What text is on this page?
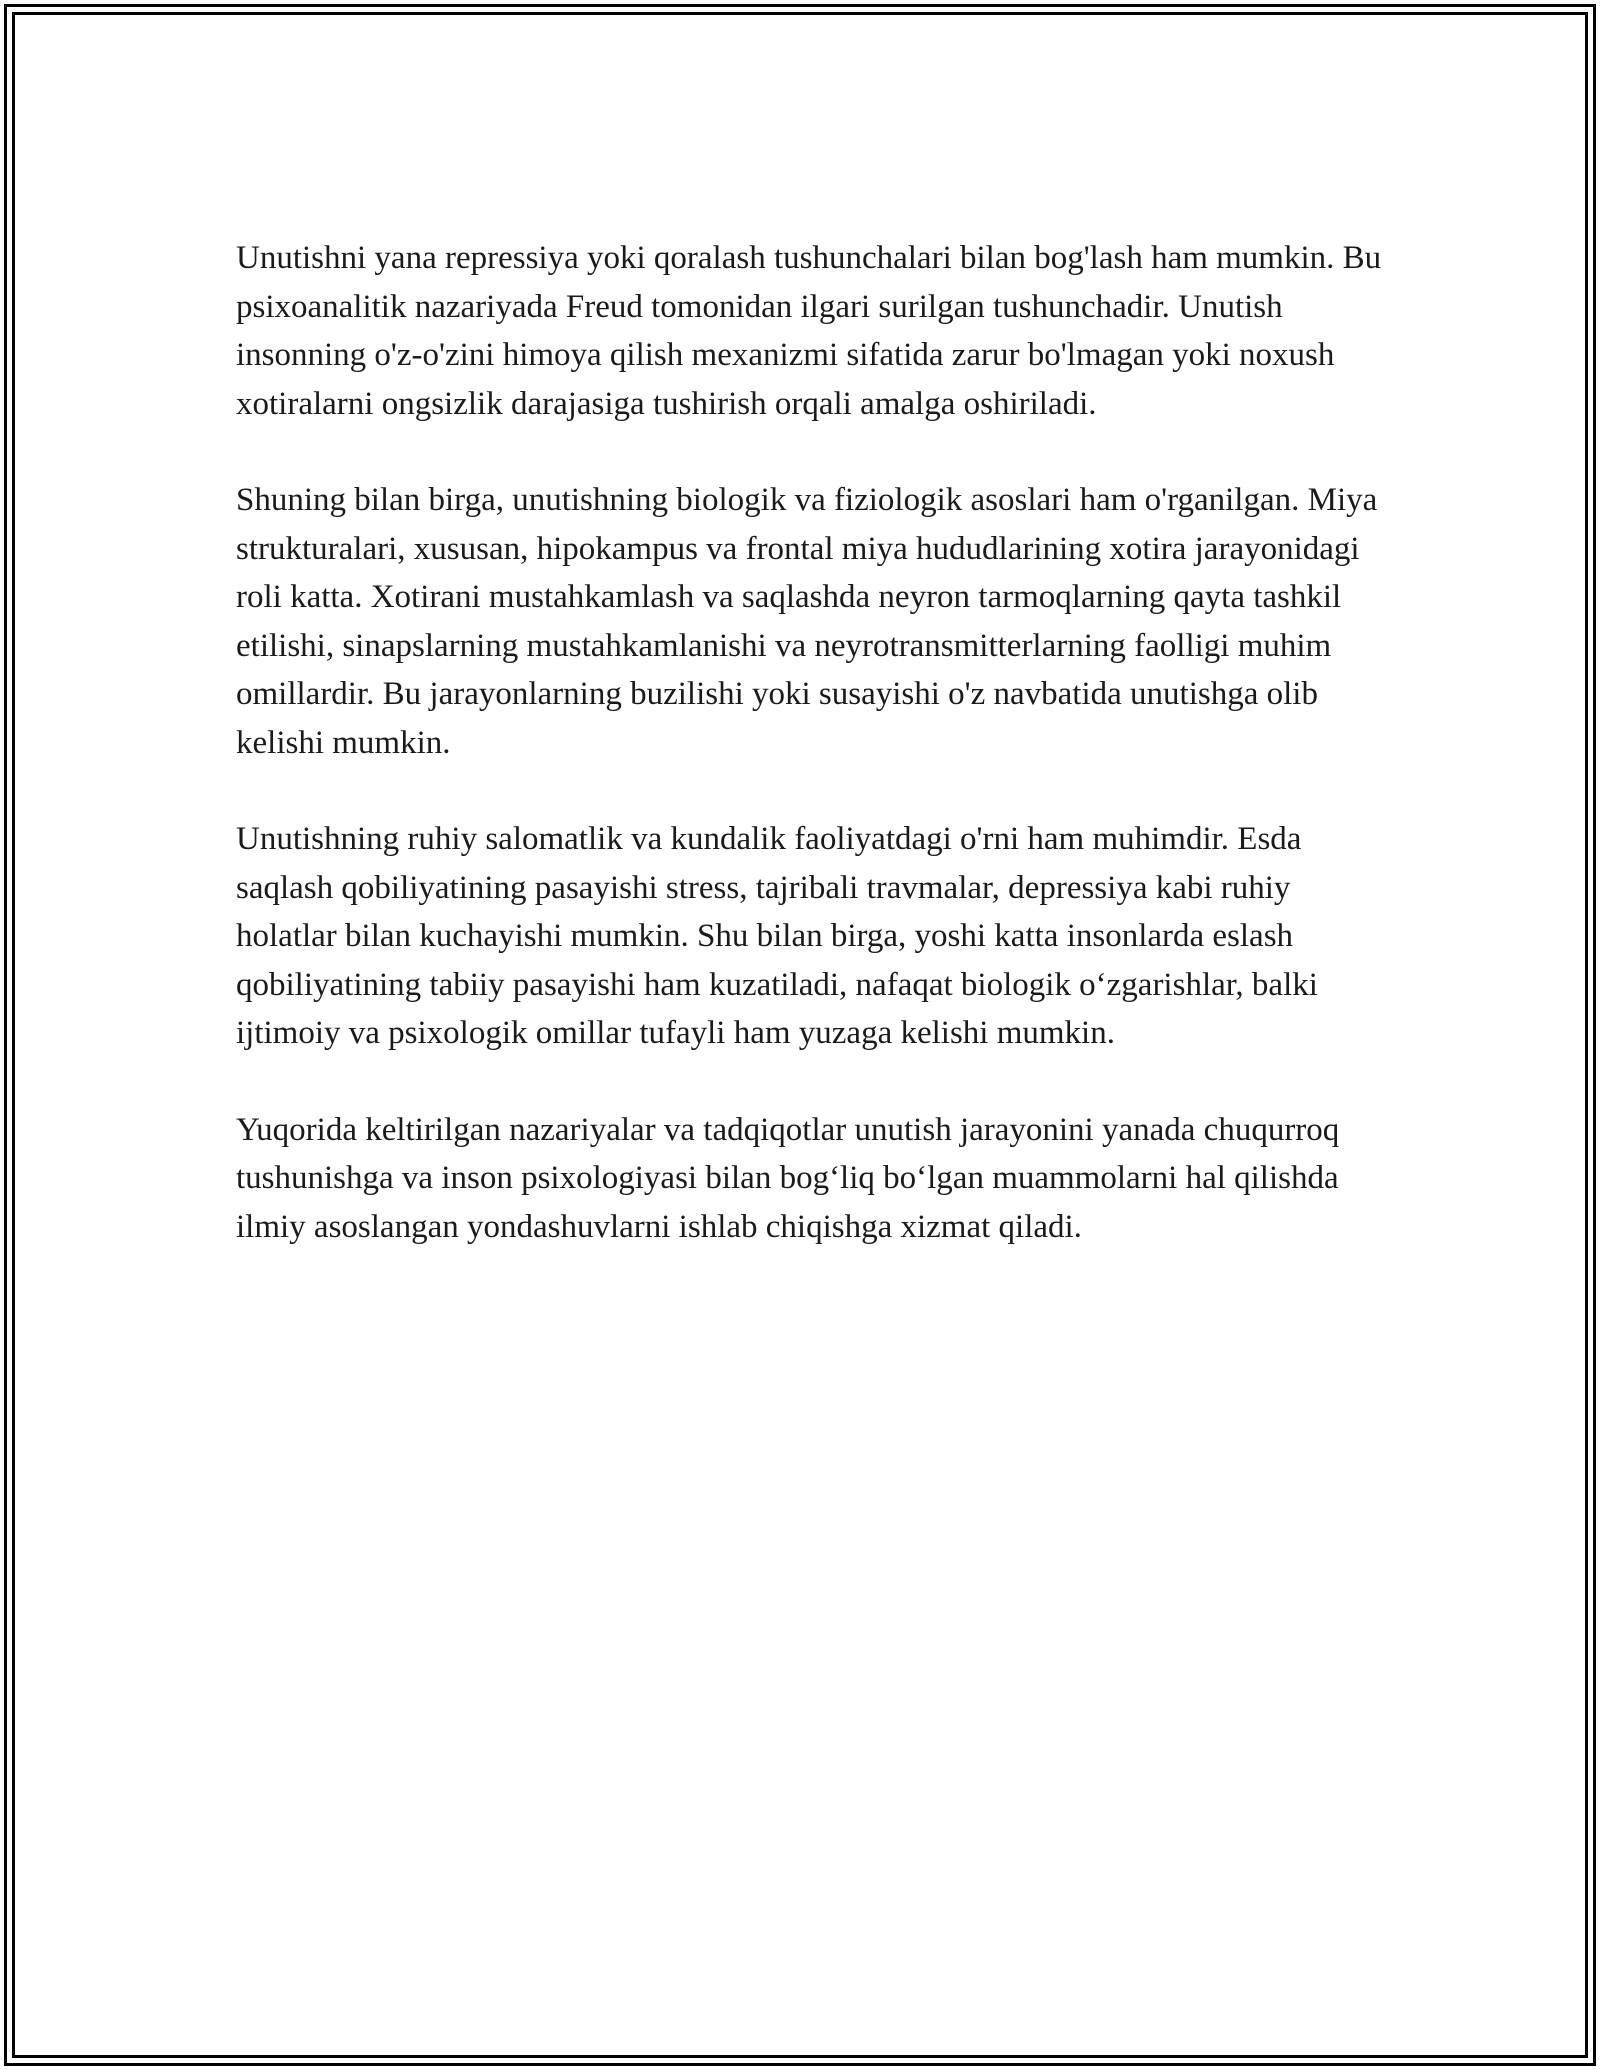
Unutishni yana repressiya yoki qoralash tushunchalari bilan bog'lash ham mumkin. Bu psixoanalitik nazariyada Freud tomonidan ilgari surilgan tushunchadir. Unutish insonning o'z-o'zini himoya qilish mexanizmi sifatida zarur bo'lmagan yoki noxush xotiralarni ongsizlik darajasiga tushirish orqali amalga oshiriladi.

Shuning bilan birga, unutishning biologik va fiziologik asoslari ham o'rganilgan. Miya strukturalari, xususan, hipokampus va frontal miya hududlarining xotira jarayonidagi roli katta. Xotirani mustahkamlash va saqlashda neyron tarmoqlarning qayta tashkil etilishi, sinapslarning mustahkamlanishi va neyrotransmitterlarning faolligi muhim omillardir. Bu jarayonlarning buzilishi yoki susayishi o'z navbatida unutishga olib kelishi mumkin.

Unutishning ruhiy salomatlik va kundalik faoliyatdagi o'rni ham muhimdir. Esda saqlash qobiliyatining pasayishi stress, tajribali travmalar, depressiya kabi ruhiy holatlar bilan kuchayishi mumkin. Shu bilan birga, yoshi katta insonlarda eslash qobiliyatining tabiiy pasayishi ham kuzatiladi, nafaqat biologik o‘zgarishlar, balki ijtimoiy va psixologik omillar tufayli ham yuzaga kelishi mumkin.

Yuqorida keltirilgan nazariyalar va tadqiqotlar unutish jarayonini yanada chuqurroq tushunishga va inson psixologiyasi bilan bog‘liq bo‘lgan muammolarni hal qilishda ilmiy asoslangan yondashuvlarni ishlab chiqishga xizmat qiladi.
